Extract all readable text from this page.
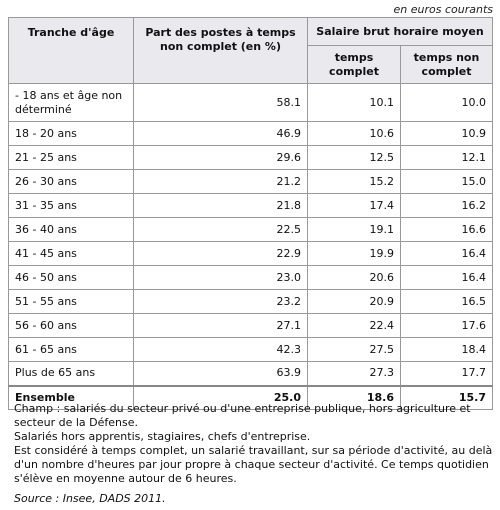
en euros courants
Tranche d'âge	Part des postes à temps non complet (en %)	Salaire brut horaire moyen	
		temps complet	temps non complet
- 18 ans et âge non déterminé	58.1	10.1	10.0
18 - 20 ans	46.9	10.6	10.9
21 - 25 ans	29.6	12.5	12.1
26 - 30 ans	21.2	15.2	15.0
31 - 35 ans	21.8	17.4	16.2
36 - 40 ans	22.5	19.1	16.6
41 - 45 ans	22.9	19.9	16.4
46 - 50 ans	23.0	20.6	16.4
51 - 55 ans	23.2	20.9	16.5
56 - 60 ans	27.1	22.4	17.6
61 - 65 ans	42.3	27.5	18.4
Plus de 65 ans	63.9	27.3	17.7
Ensemble	25.0	18.6	15.7

Champ : salariés du secteur privé ou d'une entreprise publique, hors agriculture et secteur de la Défense.

Salariés hors apprentis, stagiaires, chefs d'entreprise.

Est considéré à temps complet, un salarié travaillant, sur sa période d'activité, au delà d'un nombre d'heures par jour propre à chaque secteur d'activité. Ce temps quotidien s'élève en moyenne autour de 6 heures.

Source : Insee, DADS 2011.
